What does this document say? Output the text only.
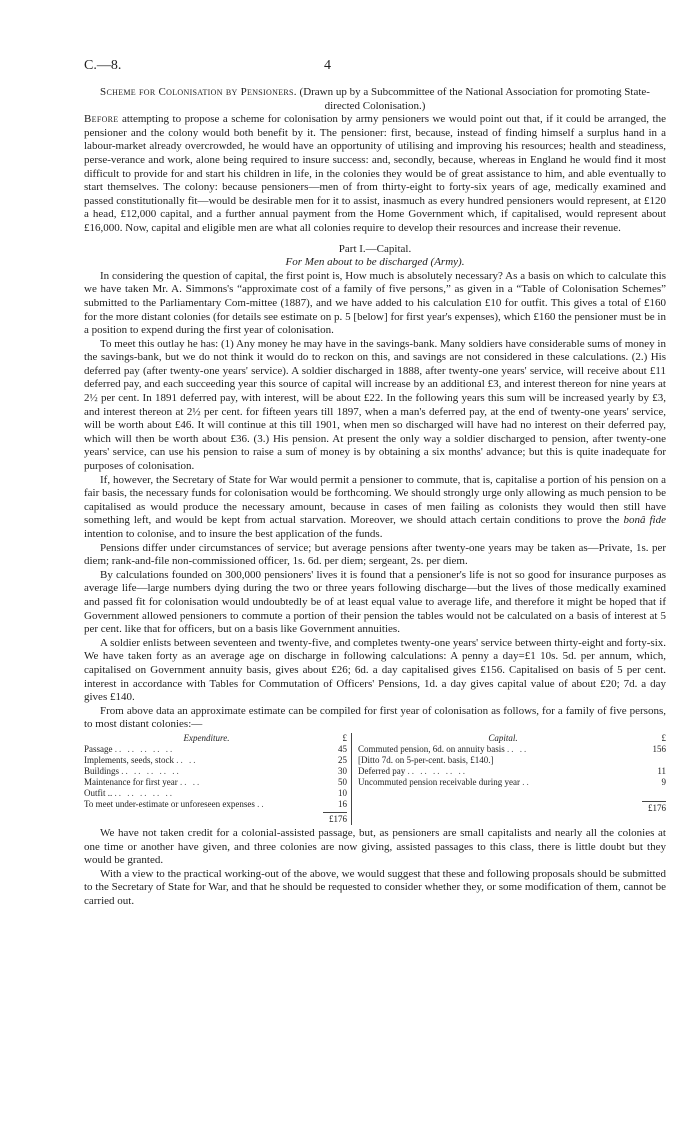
C.—8.	4
Scheme for Colonisation by Pensioners. (Drawn up by a Subcommittee of the National Association for promoting State-directed Colonisation.)

Before attempting to propose a scheme for colonisation by army pensioners we would point out that, if it could be arranged, the pensioner and the colony would both benefit by it. The pensioner: first, because, instead of finding himself a surplus hand in a labour-market already overcrowded, he would have an opportunity of utilising and improving his resources; health and steadiness, perse-verance and work, alone being required to insure success: and, secondly, because, whereas in England he would find it most difficult to provide for and start his children in life, in the colonies they would be of great assistance to him, and able eventually to start themselves. The colony: because pensioners—men of from thirty-eight to forty-six years of age, medically examined and passed constitutionally fit—would be desirable men for it to assist, inasmuch as every hundred pensioners would represent, at £120 a head, £12,000 capital, and a further annual payment from the Home Government which, if capitalised, would represent about £16,000. Now, capital and eligible men are what all colonies require to develop their resources and increase their revenue.

Part I.—Capital.
For Men about to be discharged (Army).

In considering the question of capital, the first point is, How much is absolutely necessary? As a basis on which to calculate this we have taken Mr. A. Simmons's “approximate cost of a family of five persons,” as given in a “Table of Colonisation Schemes” submitted to the Parliamentary Com-mittee (1887), and we have added to his calculation £10 for outfit. This gives a total of £160 for the more distant colonies (for details see estimate on p. 5 [below] for first year's expenses), which £160 the pensioner must be in a position to expend during the first year of colonisation.

To meet this outlay he has: (1) Any money he may have in the savings-bank. Many soldiers have considerable sums of money in the savings-bank, but we do not think it would do to reckon on this, and savings are not considered in these calculations. (2.) His deferred pay (after twenty-one years' service). A soldier discharged in 1888, after twenty-one years' service, will receive about £11 deferred pay, and each succeeding year this source of capital will increase by an additional £3, and interest thereon for nine years at 2½ per cent. In 1891 deferred pay, with interest, will be about £22. In the following years this sum will be increased yearly by £3, and interest thereon at 2½ per cent. for fifteen years till 1897, when a man's deferred pay, at the end of twenty-one years' service, will be worth about £46. It will continue at this till 1901, when men so discharged will have had no interest on their deferred pay, which will then be worth about £36. (3.) His pension. At present the only way a soldier discharged to pension, after twenty-one years' service, can use his pension to raise a sum of money is by obtaining a six months' advance; but this is quite inadequate for purposes of colonisation.

If, however, the Secretary of State for War would permit a pensioner to commute, that is, capitalise a portion of his pension on a fair basis, the necessary funds for colonisation would be forthcoming. We should strongly urge only allowing as much pension to be capitalised as would produce the necessary amount, because in cases of men failing as colonists they would then still have something left, and would be kept from actual starvation. Moreover, we should attach certain conditions to prove the bonâ fide intention to colonise, and to insure the best application of the funds.

Pensions differ under circumstances of service; but average pensions after twenty-one years may be taken as—Private, 1s. per diem; rank-and-file non-commissioned officer, 1s. 6d. per diem; sergeant, 2s. per diem.

By calculations founded on 300,000 pensioners' lives it is found that a pensioner's life is not so good for insurance purposes as average life—large numbers dying during the two or three years following discharge—but the lives of those medically examined and passed fit for colonisation would undoubtedly be of at least equal value to average life, and therefore it might be hoped that if Government allowed pensioners to commute a portion of their pension the tables would not be calculated on a basis of interest at 5 per cent. like that for officers, but on a basis like Government annuities.

A soldier enlists between seventeen and twenty-five, and completes twenty-one years' service between thirty-eight and forty-six. We have taken forty as an average age on discharge in following calculations: A penny a day=£1 10s. 5d. per annum, which, capitalised on Government annuity basis, gives about £26; 6d. a day capitalised gives £156. Capitalised on basis of 5 per cent. interest in accordance with Tables for Commutation of Officers' Pensions, 1d. a day gives capital value of about £20; 7d. a day gives £140.

From above data an approximate estimate can be compiled for first year of colonisation as follows, for a family of five persons, to most distant colonies:—

Expenditure.	£
Passage .. .. .. .. ..	45
Implements, seeds, stock .. ..	25
Buildings .. .. .. .. ..	30
Maintenance for first year .. ..	50
Outfit .. .. .. .. .. ..	10
To meet under-estimate or unforeseen expenses ..	16
£176
Capital.	£
Commuted pension, 6d. on annuity basis .. ..	156
[Ditto 7d. on 5-per-cent. basis, £140.]
Deferred pay .. .. .. .. ..	11
Uncommuted pension receivable during year ..	9
£176

We have not taken credit for a colonial-assisted passage, but, as pensioners are small capitalists and nearly all the colonies at one time or another have given, and three colonies are now giving, assisted passages to this class, there is little doubt but they would be granted.

With a view to the practical working-out of the above, we would suggest that these and following proposals should be submitted to the Secretary of State for War, and that he should be requested to consider whether they, or some modification of them, cannot be carried out.
